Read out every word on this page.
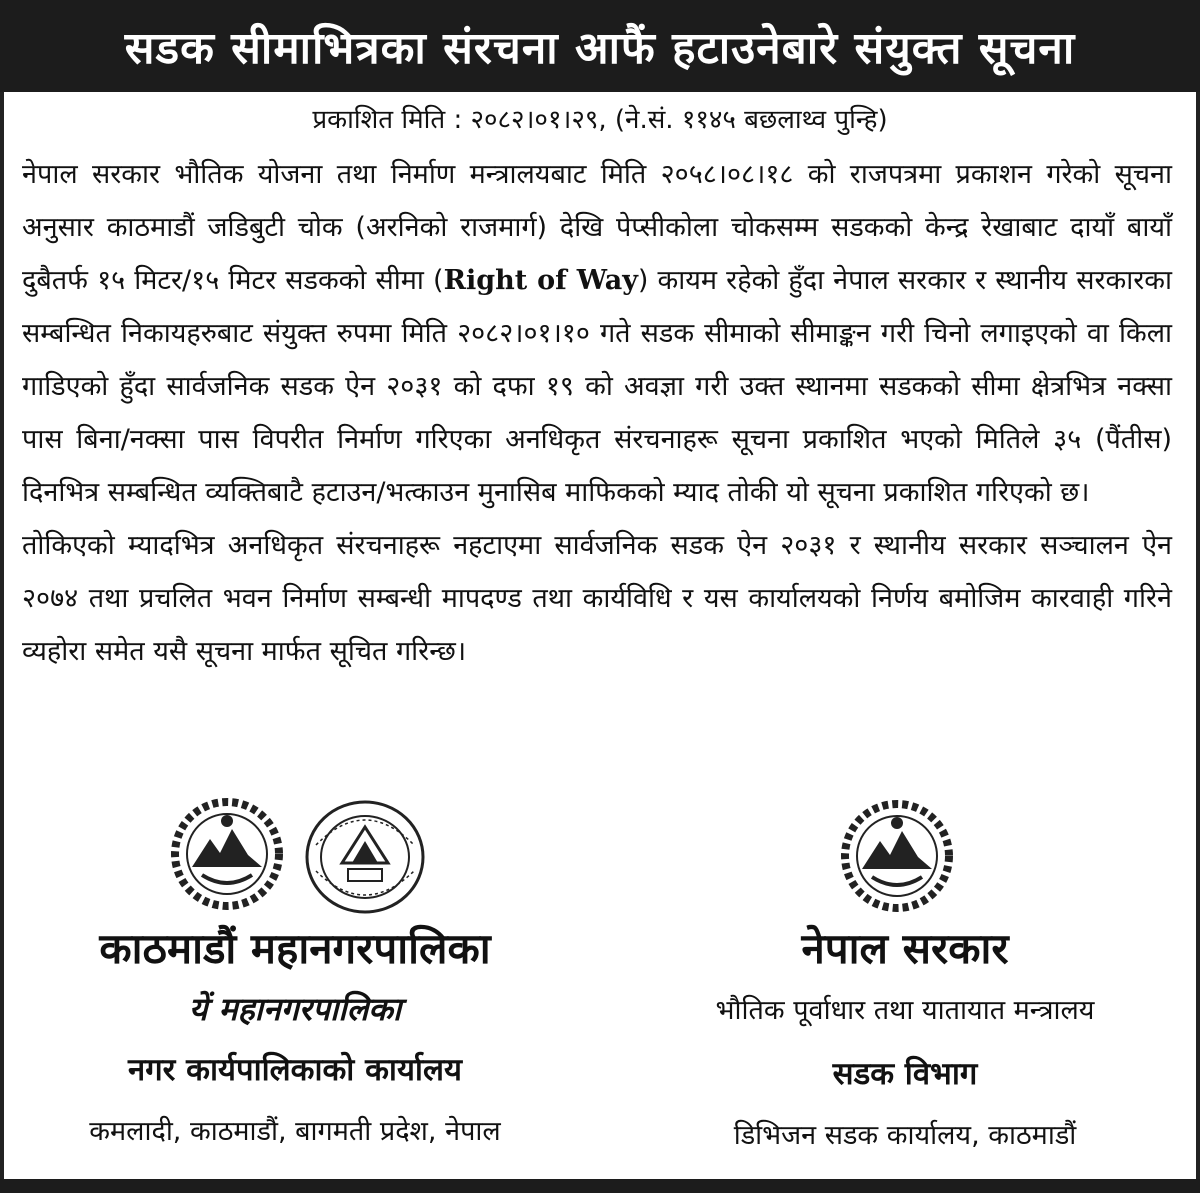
सडक सीमाभित्रका संरचना आफैं हटाउनेबारे संयुक्त सूचना
प्रकाशित मिति : २०८२।०१।२९, (ने.सं. ११४५ बछलाथ्व पुन्हि)

नेपाल सरकार भौतिक योजना तथा निर्माण मन्त्रालयबाट मिति २०५८।०८।१८ को राजपत्रमा प्रकाशन गरेको सूचना अनुसार काठमाडौं जडिबुटी चोक (अरनिको राजमार्ग) देखि पेप्सीकोला चोकसम्म सडकको केन्द्र रेखाबाट दायाँ बायाँ दुबैतर्फ १५ मिटर/१५ मिटर सडकको सीमा (Right of Way) कायम रहेको हुँदा नेपाल सरकार र स्थानीय सरकारका सम्बन्धित निकायहरुबाट संयुक्त रुपमा मिति २०८२।०१।१० गते सडक सीमाको सीमाङ्कन गरी चिनो लगाइएको वा किला गाडिएको हुँदा सार्वजनिक सडक ऐन २०३१ को दफा १९ को अवज्ञा गरी उक्त स्थानमा सडकको सीमा क्षेत्रभित्र नक्सा पास बिना/नक्सा पास विपरीत निर्माण गरिएका अनधिकृत संरचनाहरू सूचना प्रकाशित भएको मितिले ३५ (पैंतीस) दिनभित्र सम्बन्धित व्यक्तिबाटै हटाउन/भत्काउन मुनासिब माफिकको म्याद तोकी यो सूचना प्रकाशित गरिएको छ।

तोकिएको म्यादभित्र अनधिकृत संरचनाहरू नहटाएमा सार्वजनिक सडक ऐन २०३१ र स्थानीय सरकार सञ्चालन ऐन २०७४ तथा प्रचलित भवन निर्माण सम्बन्धी मापदण्ड तथा कार्यविधि र यस कार्यालयको निर्णय बमोजिम कारवाही गरिने व्यहोरा समेत यसै सूचना मार्फत सूचित गरिन्छ।

काठमाडौं महानगरपालिका
यें महानगरपालिका
नगर कार्यपालिकाको कार्यालय
कमलादी, काठमाडौं, बागमती प्रदेश, नेपाल
नेपाल सरकार
भौतिक पूर्वाधार तथा यातायात मन्त्रालय
सडक विभाग
डिभिजन सडक कार्यालय, काठमाडौं
